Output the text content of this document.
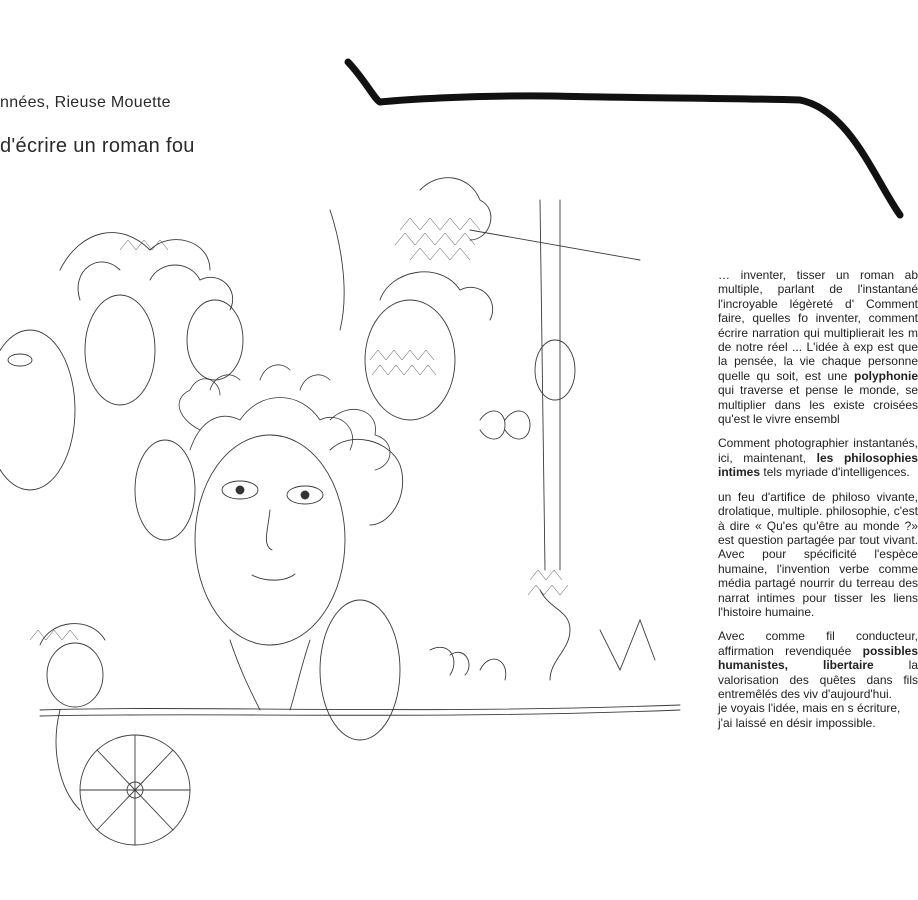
nnées, Rieuse Mouette
d'écrire un roman fou

… inventer, tisser un roman ab multiple, parlant de l'instantané l'incroyable légèreté d' Comment faire, quelles fo inventer, comment écrire narration qui multiplierait les m de notre réel ... L'idée à exp est que la pensée, la vie chaque personne quelle qu soit, est une polyphonie qui traverse et pense le monde, se multiplier dans les existe croisées qu'est le vivre ensembl

Comment photographier instantanés, ici, maintenant, les philosophies intimes tels myriade d'intelligences.

un feu d'artifice de philoso vivante, drolatique, multiple. philosophie, c'est à dire « Qu'es qu'être au monde ?» est question partagée par tout vivant. Avec pour spécificité l'espèce humaine, l'invention verbe comme média partagé nourrir du terreau des narrat intimes pour tisser les liens l'histoire humaine.

Avec comme fil conducteur, affirmation revendiquée possibles humanistes, libertaire	la valorisation des quêtes dans fils entremêlés des viv d'aujourd'hui.

je voyais l'idée, mais en s écriture,

j'ai laissé en désir impossible.
